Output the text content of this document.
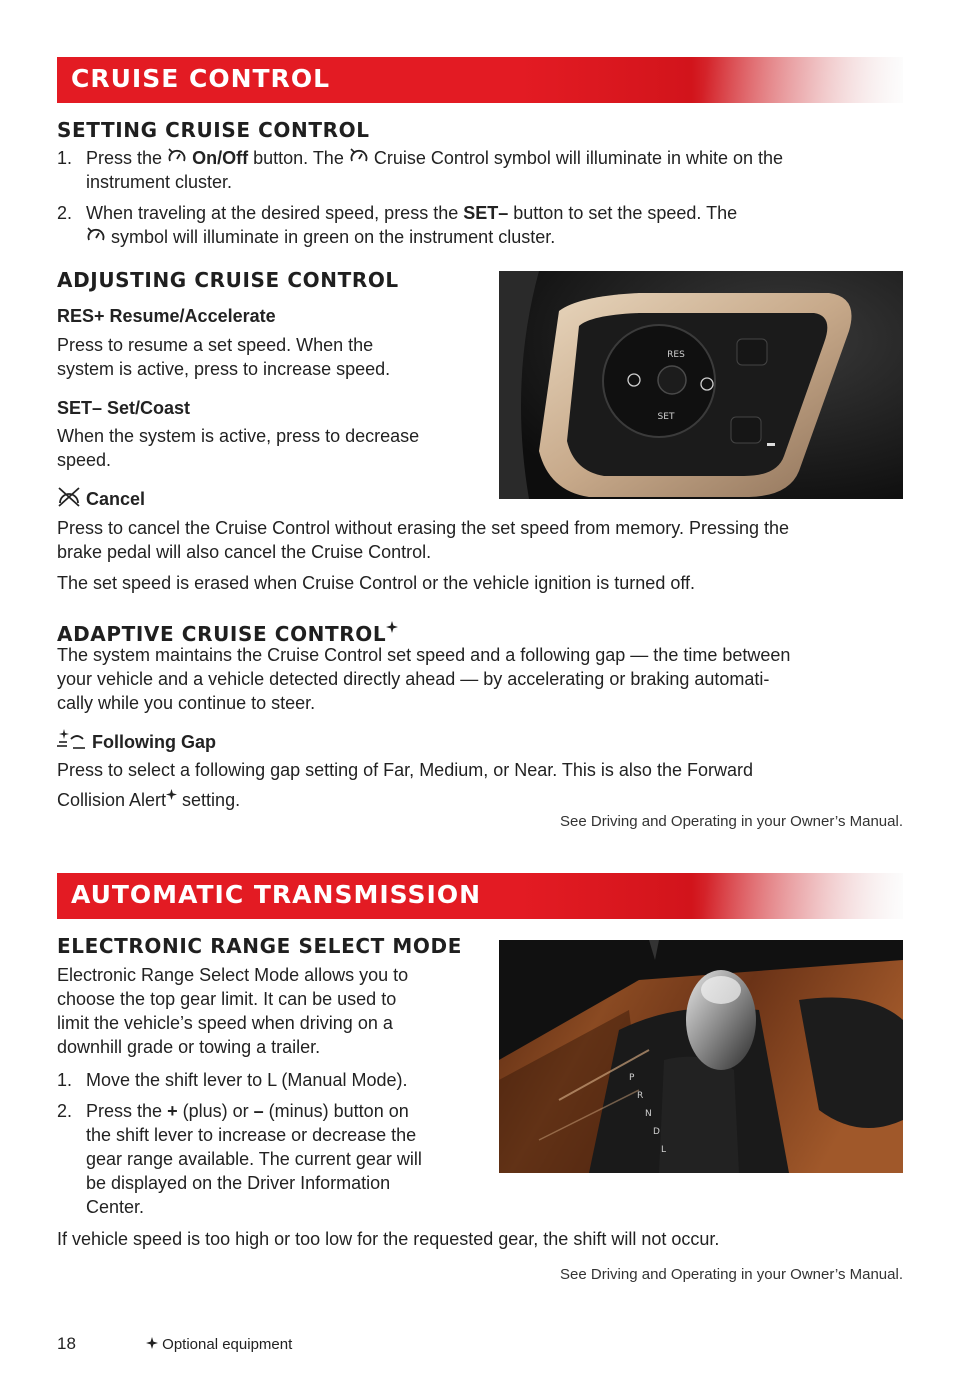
CRUISE CONTROL
SETTING CRUISE CONTROL
1. Press the On/Off button. The Cruise Control symbol will illuminate in white on the
instrument cluster.
2. When traveling at the desired speed, press the SET– button to set the speed. The
symbol will illuminate in green on the instrument cluster.
ADJUSTING CRUISE CONTROL
RES+ Resume/Accelerate
Press to resume a set speed. When the
system is active, press to increase speed.
SET– Set/Coast
When the system is active, press to decrease
speed.
RES
SET
Cancel
Press to cancel the Cruise Control without erasing the set speed from memory. Pressing the
brake pedal will also cancel the Cruise Control.
The set speed is erased when Cruise Control or the vehicle ignition is turned off.
ADAPTIVE CRUISE CONTROL
The system maintains the Cruise Control set speed and a following gap — the time between
your vehicle and a vehicle detected directly ahead — by accelerating or braking automati-
cally while you continue to steer.
Following Gap
Press to select a following gap setting of Far, Medium, or Near. This is also the Forward
Collision Alert setting.
See Driving and Operating in your Owner’s Manual.
AUTOMATIC TRANSMISSION
ELECTRONIC RANGE SELECT MODE
Electronic Range Select Mode allows you to
choose the top gear limit. It can be used to
limit the vehicle’s speed when driving on a
downhill grade or towing a trailer.
1. Move the shift lever to L (Manual Mode).
2. Press the + (plus) or – (minus) button on
the shift lever to increase or decrease the
gear range available. The current gear will
be displayed on the Driver Information
Center.
P
R
N
D
L
If vehicle speed is too high or too low for the requested gear, the shift will not occur.
See Driving and Operating in your Owner’s Manual.
18	Optional equipment
